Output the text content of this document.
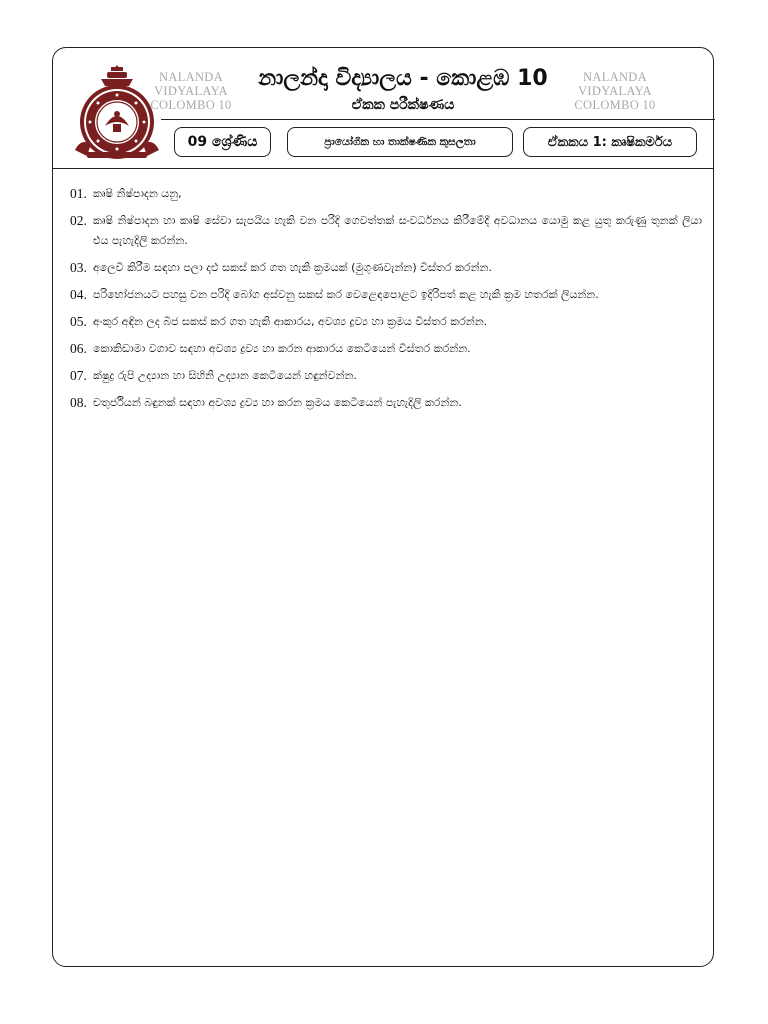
NALANDA
VIDYALAYA
COLOMBO 10
NALANDA
VIDYALAYA
COLOMBO 10
නාලන්දා විද්‍යාලය - කොළඹ 10
ඒකක පරීක්ෂණය
09 ශ්‍රේණිය	ප්‍රායෝගික හා තාක්ෂණික කුසලතා	ඒකකය 1: කෘෂිකර්මය
01. කෘෂි නිෂ්පාදන යනු,
02. කෘෂි නිෂ්පාදන හා කෘෂි සේවා සැපයිය හැකි වන පරිදි ගෙවත්තක් සංවර්ධනය කිරීමේදී අවධානය යොමු කළ යුතු කරුණු තුනක් ලියා එය පැහැදිලි කරන්න.
03. අලෙවි කිරීම සඳහා පලා දළු සකස් කර ගත හැකි ක්‍රමයක් (මුගුණවැන්න) විස්තර කරන්න.
04. පරිභෝජනයට පහසු වන පරිදි බෝග අස්වනු සකස් කර වෙළෙඳපොළට ඉදිරිපත් කළ හැකි ක්‍රම හතරක් ලියන්න.
05. අංකුර අඳින ලද බීජ සකස් කර ගත හැකි ආකාරය, අවශ්‍ය ද්‍රව්‍ය හා ක්‍රමය විස්තර කරන්න.
06. කොකිඩාමා වගාව සඳහා අවශ්‍ය ද්‍රව්‍ය හා කරන ආකාරය කෙටියෙන් විස්තර කරන්න.
07. ක්ෂුද්‍ර රුපි උද්‍යාන හා සිහිනි උද්‍යාන කෙටියෙන් හඳුන්වන්න.
08. චතුර්ජියන් බඳුනක් සඳහා අවශ්‍ය ද්‍රව්‍ය හා කරන ක්‍රමය කෙටියෙන් පැහැදිලි කරන්න.
